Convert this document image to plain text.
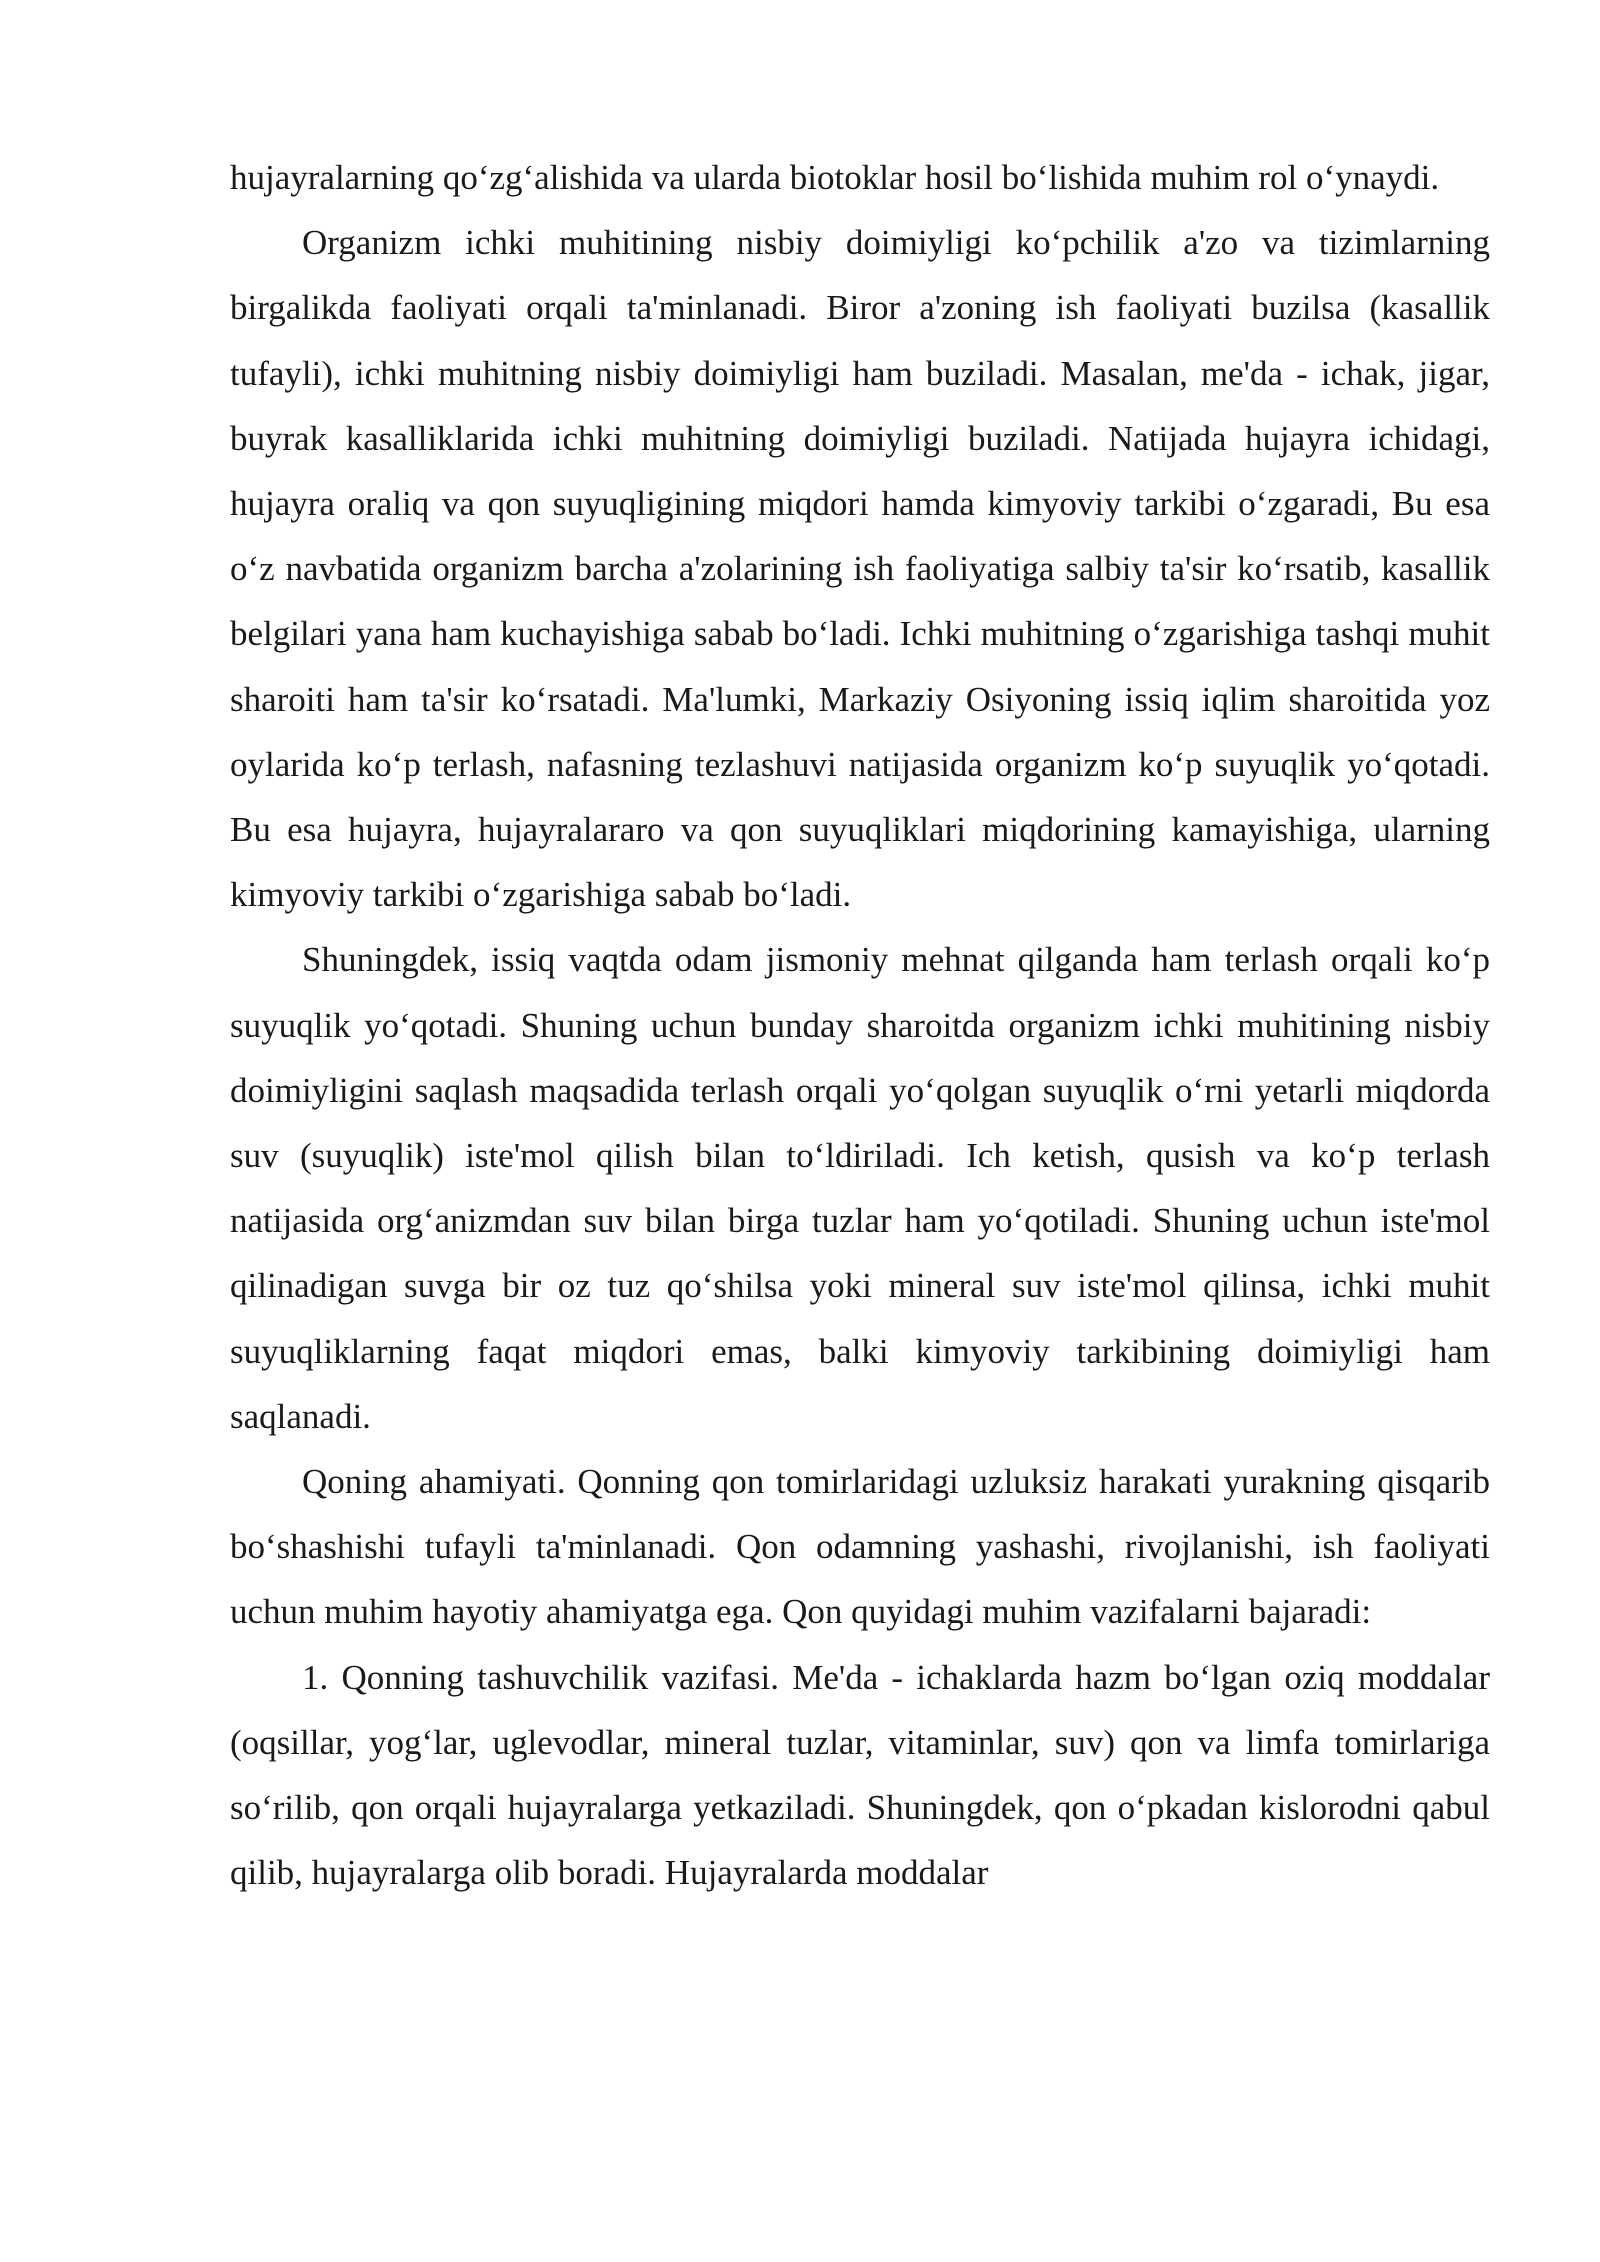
hujayralarning qo‘zg‘alishida va ularda biotoklar hosil bo‘lishida muhim rol o‘ynaydi.

Organizm ichki muhitining nisbiy doimiyligi ko‘pchilik a'zo va tizimlarning birgalikda faoliyati orqali ta'minlanadi. Biror a'zoning ish faoliyati buzilsa (kasallik tufayli), ichki muhitning nisbiy doimiyligi ham buziladi. Masalan, me'da - ichak, jigar, buyrak kasalliklarida ichki muhitning doimiyligi buziladi. Natijada hujayra ichidagi, hujayra oraliq va qon suyuqligining miqdori hamda kimyoviy tarkibi o‘zgaradi, Bu esa o‘z navbatida organizm barcha a'zolarining ish faoliyatiga salbiy ta'sir ko‘rsatib, kasallik belgilari yana ham kuchayishiga sabab bo‘ladi. Ichki muhitning o‘zgarishiga tashqi muhit sharoiti ham ta'sir ko‘rsatadi. Ma'lumki, Markaziy Osiyoning issiq iqlim sharoitida yoz oylarida ko‘p terlash, nafasning tezlashuvi natijasida organizm ko‘p suyuqlik yo‘qotadi. Bu esa hujayra, hujayralararo va qon suyuqliklari miqdorining kamayishiga, ularning kimyoviy tarkibi o‘zgarishiga sabab bo‘ladi.

Shuningdek, issiq vaqtda odam jismoniy mehnat qilganda ham terlash orqali ko‘p suyuqlik yo‘qotadi. Shuning uchun bunday sharoitda organizm ichki muhitining nisbiy doimiyligini saqlash maqsadida terlash orqali yo‘qolgan suyuqlik o‘rni yetarli miqdorda suv (suyuqlik) iste'mol qilish bilan to‘ldiriladi. Ich ketish, qusish va ko‘p terlash natijasida org‘anizmdan suv bilan birga tuzlar ham yo‘qotiladi. Shuning uchun iste'mol qilinadigan suvga bir oz tuz qo‘shilsa yoki mineral suv iste'mol qilinsa, ichki muhit suyuqliklarning faqat miqdori emas, balki kimyoviy tarkibining doimiyligi ham saqlanadi.

Qoning ahamiyati. Qonning qon tomirlaridagi uzluksiz harakati yurakning qisqarib bo‘shashishi tufayli ta'minlanadi. Qon odamning yashashi, rivojlanishi, ish faoliyati uchun muhim hayotiy ahamiyatga ega. Qon quyidagi muhim vazifalarni bajaradi:

1. Qonning tashuvchilik vazifasi. Me'da - ichaklarda hazm bo‘lgan oziq moddalar (oqsillar, yog‘lar, uglevodlar, mineral tuzlar, vitaminlar, suv) qon va limfa tomirlariga so‘rilib, qon orqali hujayralarga yetkaziladi. Shuningdek, qon o‘pkadan kislorodni qabul qilib, hujayralarga olib boradi. Hujayralarda moddalar
